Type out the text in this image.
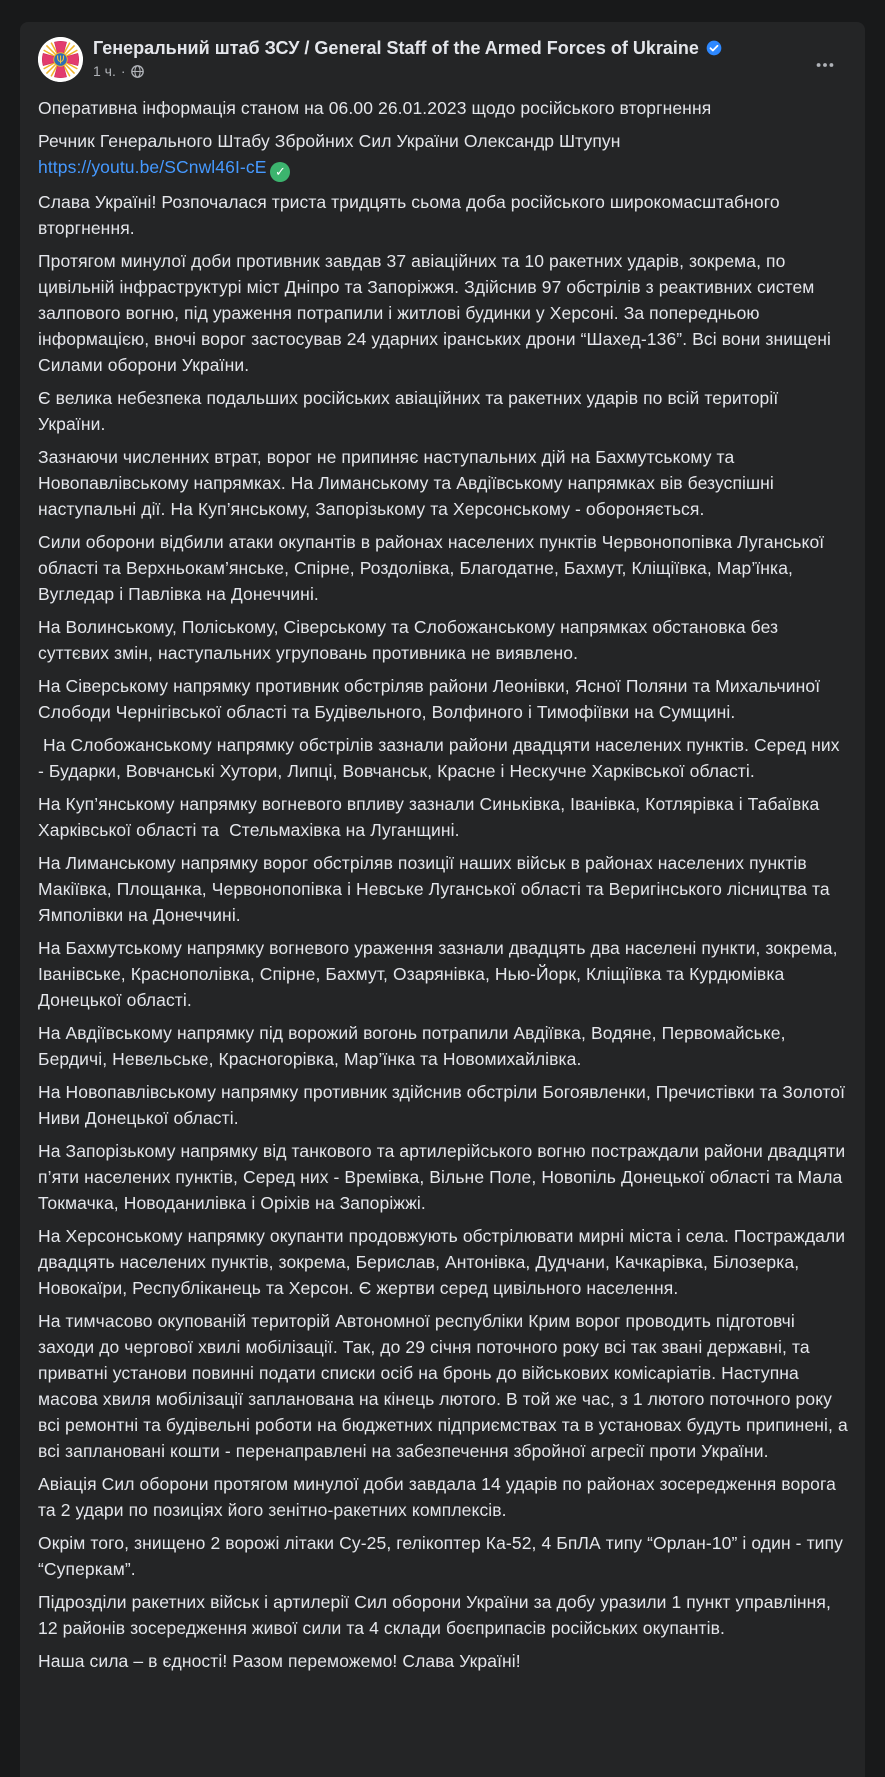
Ψ
Генеральний штаб ЗСУ / General Staff of the Armed Forces of Ukraine
1 ч. ·

Оперативна інформація станом на 06.00 26.01.2023 щодо російського вторгнення

Речник Генерального Штабу Збройних Сил України Олександр Штупун
https://youtu.be/SCnwl46I-cE ✓

Слава Україні! Розпочалася триста тридцять сьома доба російського широкомасштабного вторгнення.

Протягом минулої доби противник завдав 37 авіаційних та 10 ракетних ударів, зокрема, по цивільній інфраструктурі міст Дніпро та Запоріжжя. Здійснив 97 обстрілів з реактивних систем залпового вогню, під ураження потрапили і житлові будинки у Херсоні. За попередньою інформацією, вночі ворог застосував 24 ударних іранських дрони “Шахед-136”. Всі вони знищені Силами оборони України.

Є велика небезпека подальших російських авіаційних та ракетних ударів по всій території України.

Зазнаючи численних втрат, ворог не припиняє наступальних дій на Бахмутському та Новопавлівському напрямках. На Лиманському та Авдіївському напрямках вів безуспішні наступальні дії. На Куп’янському, Запорізькому та Херсонському - обороняється.

Сили оборони відбили атаки окупантів в районах населених пунктів Червонопопівка Луганської області та Верхньокам’янське, Спірне, Роздолівка, Благодатне, Бахмут, Кліщіївка, Мар’їнка, Вугледар і Павлівка на Донеччині.

На Волинському, Поліському, Сіверському та Слобожанському напрямках обстановка без суттєвих змін, наступальних угруповань противника не виявлено.

На Сіверському напрямку противник обстріляв райони Леонівки, Ясної Поляни та Михальчиної Слободи Чернігівської області та Будівельного, Волфиного і Тимофіївки на Сумщині.

На Слобожанському напрямку обстрілів зазнали райони двадцяти населених пунктів. Серед них - Бударки, Вовчанські Хутори, Липці, Вовчанськ, Красне і Нескучне Харківської області.

На Куп’янському напрямку вогневого впливу зазнали Синьківка, Іванівка, Котлярівка і Табаївка Харківської області та  Стельмахівка на Луганщині.

На Лиманському напрямку ворог обстріляв позиції наших військ в районах населених пунктів Макіївка, Площанка, Червонопопівка і Невське Луганської області та Веригінського лісництва та Ямполівки на Донеччині.

На Бахмутському напрямку вогневого ураження зазнали двадцять два населені пункти, зокрема, Іванівське, Краснополівка, Спірне, Бахмут, Озарянівка, Нью-Йорк, Кліщіївка та Курдюмівка Донецької області.

На Авдіївському напрямку під ворожий вогонь потрапили Авдіївка, Водяне, Первомайське, Бердичі, Невельське, Красногорівка, Мар’їнка та Новомихайлівка.

На Новопавлівському напрямку противник здійснив обстріли Богоявленки, Пречистівки та Золотої Ниви Донецької області.

На Запорізькому напрямку від танкового та артилерійського вогню постраждали райони двадцяти п’яти населених пунктів, Серед них - Времівка, Вільне Поле, Новопіль Донецької області та Мала Токмачка, Новоданилівка і Оріхів на Запоріжжі.

На Херсонському напрямку окупанти продовжують обстрілювати мирні міста і села. Постраждали двадцять населених пунктів, зокрема, Берислав, Антонівка, Дудчани, Качкарівка, Білозерка, Новокаїри, Республіканець та Херсон. Є жертви серед цивільного населення.

На тимчасово окупованій територій Автономної республіки Крим ворог проводить підготовчі заходи до чергової хвилі мобілізації. Так, до 29 січня поточного року всі так звані державні, та приватні установи повинні подати списки осіб на бронь до військових комісаріатів. Наступна масова хвиля мобілізації запланована на кінець лютого. В той же час, з 1 лютого поточного року всі ремонтні та будівельні роботи на бюджетних підприємствах та в установах будуть припинені, а всі заплановані кошти - перенаправлені на забезпечення збройної агресії проти України.

Авіація Сил оборони протягом минулої доби завдала 14 ударів по районах зосередження ворога та 2 удари по позиціях його зенітно-ракетних комплексів.

Окрім того, знищено 2 ворожі літаки Су-25, гелікоптер Ка-52, 4 БпЛА типу “Орлан-10” і один - типу “Суперкам”.

Підрозділи ракетних військ і артилерії Сил оборони України за добу уразили 1 пункт управління, 12 районів зосередження живої сили та 4 склади боєприпасів російських окупантів.

Наша сила – в єдності! Разом переможемо! Слава Україні!
